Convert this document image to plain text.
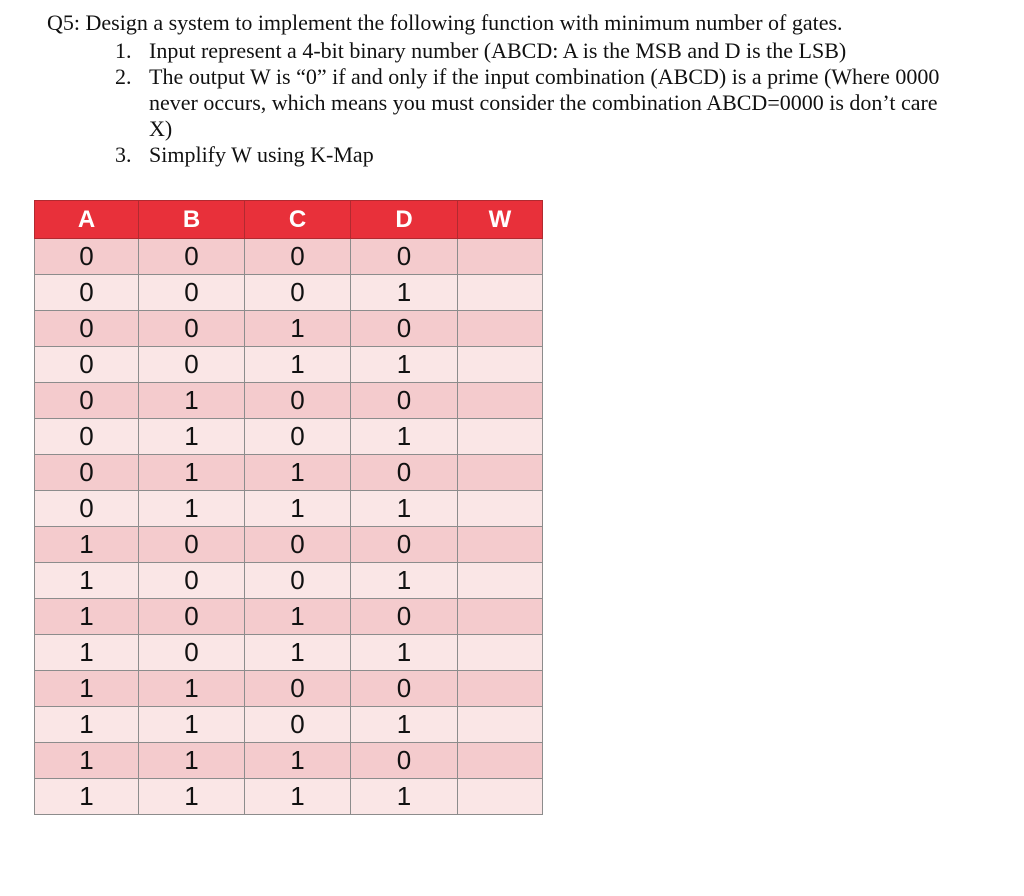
Q5: Design a system to implement the following function with minimum number of gates.

1. Input represent a 4-bit binary number (ABCD: A is the MSB and D is the LSB)
2. The output W is “0” if and only if the input combination (ABCD) is a prime (Where 0000 never occurs, which means you must consider the combination ABCD=0000 is don’t care X)
3. Simplify W using K-Map
A	B	C	D	W
0	0	0	0	
0	0	0	1	
0	0	1	0	
0	0	1	1	
0	1	0	0	
0	1	0	1	
0	1	1	0	
0	1	1	1	
1	0	0	0	
1	0	0	1	
1	0	1	0	
1	0	1	1	
1	1	0	0	
1	1	0	1	
1	1	1	0	
1	1	1	1	
